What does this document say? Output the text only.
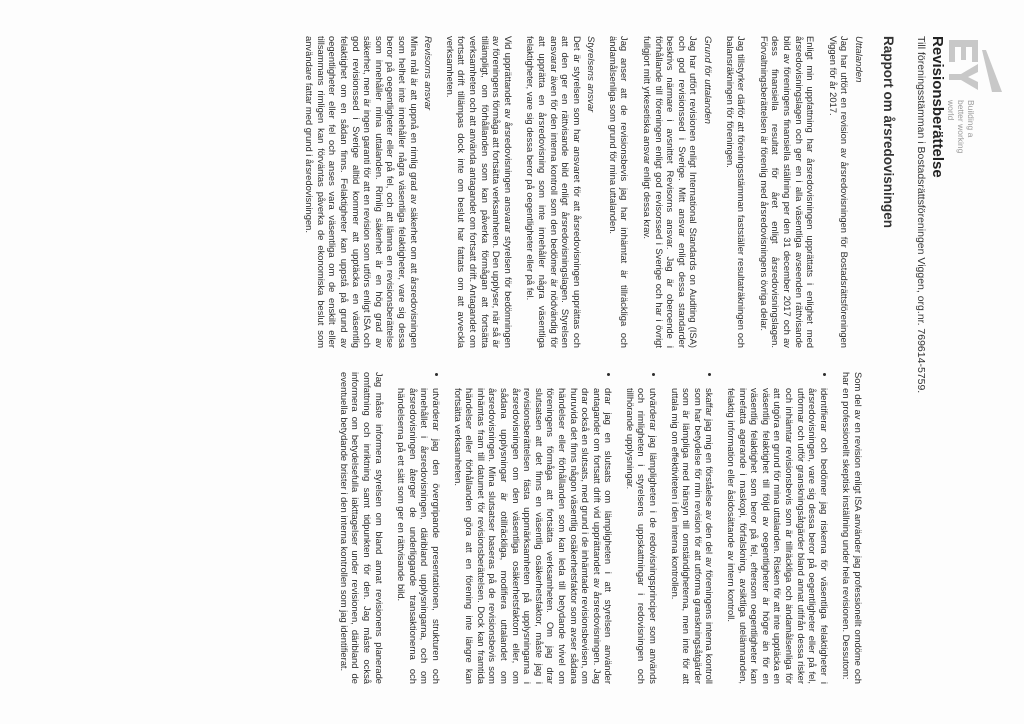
EY
Building a better working world
Revisionsberättelse

Till föreningsstämman i Bostadsrättsföreningen Viggen, org.nr. 769614-5759.

Rapport om årsredovisningen

Uttalanden

Jag har utfört en revision av årsredovisningen för Bostadsrättsföreningen Viggen för år 2017.

Enligt min uppfattning har årsredovisningen upprättats i enlighet med årsredovisningslagen och ger en i alla väsentliga avseenden rättvisande bild av föreningens finansiella ställning per den 31 december 2017 och av dess finansiella resultat för året enligt årsredovisningslagen. Förvaltningsberättelsen är förenlig med årsredovisningens övriga delar.

Jag tillstyrker därför att föreningsstämman fastställer resultaträkningen och balansräkningen för föreningen.

Grund för uttalanden

Jag har utfört revisionen enligt International Standards on Auditing (ISA) och god revisionssed i Sverige. Mitt ansvar enligt dessa standarder beskrivs närmare i avsnittet Revisorns ansvar. Jag är oberoende i förhållande till föreningen enligt god revisorssed i Sverige och har i övrigt fullgjort mitt yrkesetiska ansvar enligt dessa krav.

Jag anser att de revisionsbevis jag har inhämtat är tillräckliga och ändamålsenliga som grund för mina uttalanden.

Styrelsens ansvar

Det är styrelsen som har ansvaret för att årsredovisningen upprättas och att den ger en rättvisande bild enligt årsredovisningslagen. Styrelsen ansvarar även för den interna kontroll som den bedömer är nödvändig för att upprätta en årsredovisning som inte innehåller några väsentliga felaktigheter, vare sig dessa beror på oegentligheter eller på fel.

Vid upprättandet av årsredovisningen ansvarar styrelsen för bedömningen av föreningens förmåga att fortsätta verksamheten. Den upplyser, när så är tillämpligt, om förhållanden som kan påverka förmågan att fortsätta verksamheten och att använda antagandet om fortsatt drift. Antagandet om fortsatt drift tillämpas dock inte om beslut har fattats om att avveckla verksamheten.

Revisorns ansvar

Mina mål är att uppnå en rimlig grad av säkerhet om att årsredovisningen som helhet inte innehåller några väsentliga felaktigheter, vare sig dessa beror på oegentligheter eller på fel, och att lämna en revisionsberättelse som innehåller mina uttalanden. Rimlig säkerhet är en hög grad av säkerhet, men är ingen garanti för att en revision som utförs enligt ISA och god revisionssed i Sverige alltid kommer att upptäcka en väsentlig felaktighet om en sådan finns. Felaktigheter kan uppstå på grund av oegentligheter eller fel och anses vara väsentliga om de enskilt eller tillsammans rimligen kan förväntas påverka de ekonomiska beslut som användare fattar med grund i årsredovisningen.

Som del av en revision enligt ISA använder jag professionellt omdöme och har en professionellt skeptisk inställning under hela revisionen. Dessutom:

• identifierar och bedömer jag riskerna för väsentliga felaktigheter i årsredovisningen, vare sig dessa beror på oegentligheter eller på fel, utformar och utför granskningsåtgärder bland annat utifrån dessa risker och inhämtar revisionsbevis som är tillräckliga och ändamålsenliga för att utgöra en grund för mina uttalanden. Risken för att inte upptäcka en väsentlig felaktighet till följd av oegentligheter är högre än för en väsentlig felaktighet som beror på fel, eftersom oegentligheter kan innefatta agerande i maskopi, förfalskning, avsiktliga utelämnanden, felaktig information eller åsidosättande av intern kontroll.
• skaffar jag mig en förståelse av den del av föreningens interna kontroll som har betydelse för min revision för att utforma granskningsåtgärder som är lämpliga med hänsyn till omständigheterna, men inte för att uttala mig om effektiviteten i den interna kontrollen.
• utvärderar jag lämpligheten i de redovisningsprinciper som används och rimligheten i styrelsens uppskattningar i redovisningen och tillhörande upplysningar.
• drar jag en slutsats om lämpligheten i att styrelsen använder antagandet om fortsatt drift vid upprättandet av årsredovisningen. Jag drar också en slutsats, med grund i de inhämtade revisionsbevisen, om huruvida det finns någon väsentlig osäkerhetsfaktor som avser sådana händelser eller förhållanden som kan leda till betydande tvivel om föreningens förmåga att fortsätta verksamheten. Om jag drar slutsatsen att det finns en väsentlig osäkerhetsfaktor, måste jag i revisionsberättelsen fästa uppmärksamheten på upplysningarna i årsredovisningen om den väsentliga osäkerhetsfaktorn eller, om sådana upplysningar är otillräckliga, modifiera uttalandet om årsredovisningen. Mina slutsatser baseras på de revisionsbevis som inhämtas fram till datumet för revisionsberättelsen. Dock kan framtida händelser eller förhållanden göra att en förening inte längre kan fortsätta verksamheten.
• utvärderar jag den övergripande presentationen, strukturen och innehållet i årsredovisningen, däribland upplysningarna, och om årsredovisningen återger de underliggande transaktionerna och händelserna på ett sätt som ger en rättvisande bild.

Jag måste informera styrelsen om bland annat revisionens planerade omfattning och inriktning samt tidpunkten för den. Jag måste också informera om betydelsefulla iakttagelser under revisionen, däribland de eventuella betydande brister i den interna kontrollen som jag identifierat.
